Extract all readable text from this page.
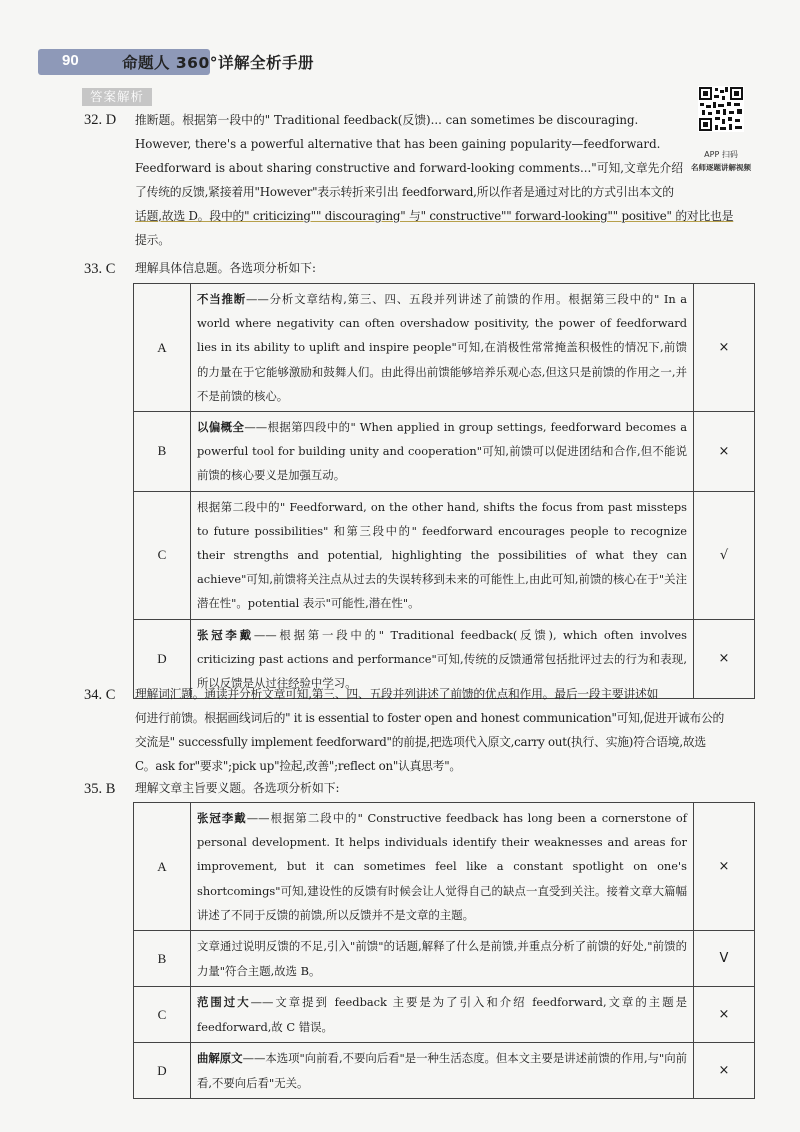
90	命题人 360°详解全析手册
答案解析
APP 扫码
名师逐题讲解视频
32. D 推断题。根据第一段中的" Traditional feedback(反馈)... can sometimes be discouraging.
However, there's a powerful alternative that has been gaining popularity—feedforward.
Feedforward is about sharing constructive and forward-looking comments..."可知,文章先介绍
了传统的反馈,紧接着用"However"表示转折来引出 feedforward,所以作者是通过对比的方式引出本文的
话题,故选 D。段中的" criticizing"" discouraging" 与" constructive"" forward-looking"" positive" 的对比也是
提示。
33. C 理解具体信息题。各选项分析如下:
A	不当推断——分析文章结构,第三、四、五段并列讲述了前馈的作用。根据第三段中的" In a world where negativity can often overshadow positivity, the power of feedforward lies in its ability to uplift and inspire people"可知,在消极性常常掩盖积极性的情况下,前馈的力量在于它能够激励和鼓舞人们。由此得出前馈能够培养乐观心态,但这只是前馈的作用之一,并不是前馈的核心。	×
B	以偏概全——根据第四段中的" When applied in group settings, feedforward becomes a powerful tool for building unity and cooperation"可知,前馈可以促进团结和合作,但不能说前馈的核心要义是加强互动。	×
C	根据第二段中的" Feedforward, on the other hand, shifts the focus from past missteps to future possibilities" 和第三段中的" feedforward encourages people to recognize their strengths and potential, highlighting the possibilities of what they can achieve"可知,前馈将关注点从过去的失误转移到未来的可能性上,由此可知,前馈的核心在于"关注潜在性"。potential 表示"可能性,潜在性"。	√
D	张冠李戴——根据第一段中的" Traditional feedback(反馈), which often involves criticizing past actions and performance"可知,传统的反馈通常包括批评过去的行为和表现,所以反馈是从过往经验中学习。	×
34. C 理解词汇题。通读并分析文章可知,第三、四、五段并列讲述了前馈的优点和作用。最后一段主要讲述如
何进行前馈。根据画线词后的" it is essential to foster open and honest communication"可知,促进开诚布公的
交流是" successfully implement feedforward"的前提,把选项代入原文,carry out(执行、实施)符合语境,故选
C。ask for"要求";pick up"捡起,改善";reflect on"认真思考"。
35. B 理解文章主旨要义题。各选项分析如下:
A	张冠李戴——根据第二段中的" Constructive feedback has long been a cornerstone of personal development. It helps individuals identify their weaknesses and areas for improvement, but it can sometimes feel like a constant spotlight on one's shortcomings"可知,建设性的反馈有时候会让人觉得自己的缺点一直受到关注。接着文章大篇幅讲述了不同于反馈的前馈,所以反馈并不是文章的主题。	×
B	文章通过说明反馈的不足,引入"前馈"的话题,解释了什么是前馈,并重点分析了前馈的好处,"前馈的力量"符合主题,故选 B。	V
C	范围过大——文章提到 feedback 主要是为了引入和介绍 feedforward,文章的主题是 feedforward,故 C 错误。	×
D	曲解原文——本选项"向前看,不要向后看"是一种生活态度。但本文主要是讲述前馈的作用,与"向前看,不要向后看"无关。	×
